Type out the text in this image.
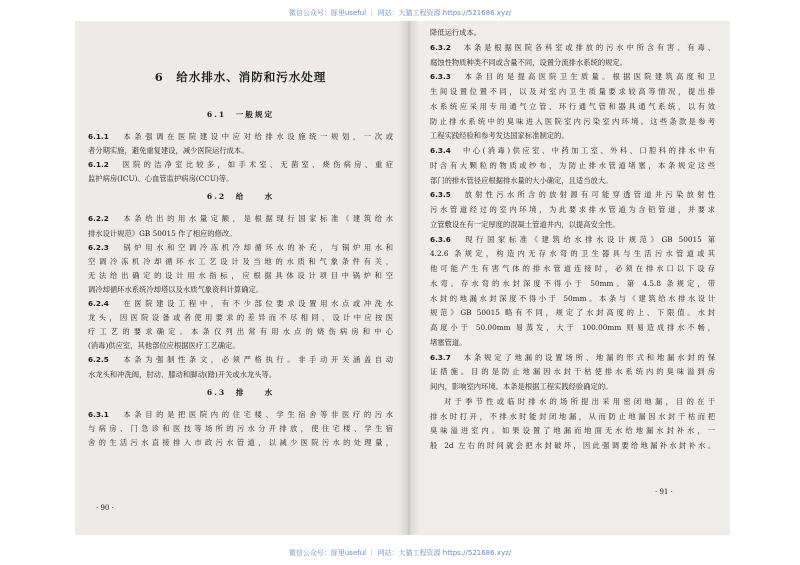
微信公众号：豚里useful ｜ 网站：大猫工程资源 https://521686.xyz/
6　给水排水、消防和污水处理
6.1　一般规定
6.1.1　本条强调在医院建设中应对给排水设施统一规划，一次或
者分期实施，避免重复建设，减少医院运行成本。
6.1.2　医院的洁净室比较多，如手术室、无菌室、烧伤病房、重症
监护病房(ICU)、心血管监护病房(CCU)等。
6.2　给　　水
6.2.2　本条给出的用水量定额，是根据现行国家标准《建筑给水
排水设计规范》GB 50015 作了相应的修改。
6.2.3　锅炉用水和空调冷冻机冷却循环水的补充，与锅炉用水和
空调冷冻机冷却循环水工艺设计及当地的水质和气象条件有关，
无法给出确定的设计用水指标，应根据具体设计项目中锅炉和空
调冷却循环水系统冷却塔以及水质气象资料计算确定。
6.2.4　在医院建设工程中，有不少部位要求设置用水点或冲洗水
龙头，因医院设备或者使用要求的差异而不尽相同，设计中应按医
疗工艺的要求确定。本条仅列出常有用水点的烧伤病房和中心
(消毒)供应室，其他部位应根据医疗工艺确定。
6.2.5　本条为强制性条文，必须严格执行。非手动开关涵盖自动
水龙头和冲洗阀，肘动、膝动和脚动(踏)开关或水龙头等。
6.3　排　　水
6.3.1　本条目的是把医院内的住宅楼、学生宿舍等非医疗的污水
与病房、门急诊和医技等场所的污水分开排放，使住宅楼、学生宿
舍的生活污水直接排入市政污水管道，以减少医院污水的处理量，
· 90 ·
降低运行成本。
6.3.2　本条是根据医院各科室或排放的污水中所含有害、有毒、
腐蚀性物质种类不同或含量不同，设置分流排水系统的规定。
6.3.3　本条目的是提高医院卫生质量。根据医院建筑高度和卫
生间设置位置不同，以及对室内卫生质量要求较高等情况，提出排
水系统应采用专用通气立管、环行通气管和器具通气系统，以有效
防止排水系统中的臭味进入医院室内污染室内环境。这些条款是参考
工程实践经验和参考发达国家标准制定的。
6.3.4　中心(消毒)供应室、中药加工室、外科、口腔科的排水中有
时含有大颗粒的物质或纱布，为防止排水管道堵塞，本条规定这些
部门的排水管径应根据排水量的大小确定，且适当放大。
6.3.5　放射性污水所含的放射源有可能穿透管道并污染放射性
污水管道经过的室内环境，为此要求排水管道为含铅管道，并要求
立管敷设在有一定厚度的混凝土管道井内，以提高安全性。
6.3.6　现行国家标准《建筑给水排水设计规范》GB 50015 第
4.2.6 条规定，构造内无存水弯的卫生器具与生活污水管道或其
他可能产生有害气体的排水管道连接时，必须在排水口以下设存
水弯。存水弯的水封深度不得小于 50mm。第 4.5.8 条规定，带
水封的地漏水封深度不得小于 50mm。本条与《建筑给水排水设计
规范》GB 50015 略有不同，规定了水封高度的上、下限值。水封
高度小于 50.00mm 易蒸发，大于 100.00mm 则易造成排水不畅，
堵塞管道。
6.3.7　本条规定了地漏的设置场所、地漏的形式和地漏水封的保
证措施。目的是防止地漏因水封干枯使排水系统内的臭味溢到房
间内，影响室内环境。本条是根据工程实践经验确定的。
对于季节性或临时排水的场所提出采用密闭地漏，目的在于
排水时打开，不排水时能封闭地漏，从而防止地漏因水封干枯而把
臭味溢进室内。如果设置了地漏而地面无水给地漏水封补水，一
般 2d 左右的时间就会把水封破坏，因此强调要给地漏补水封补水。
· 91 ·
微信公众号：豚里useful ｜ 网站：大猫工程资源 https://521686.xyz/
